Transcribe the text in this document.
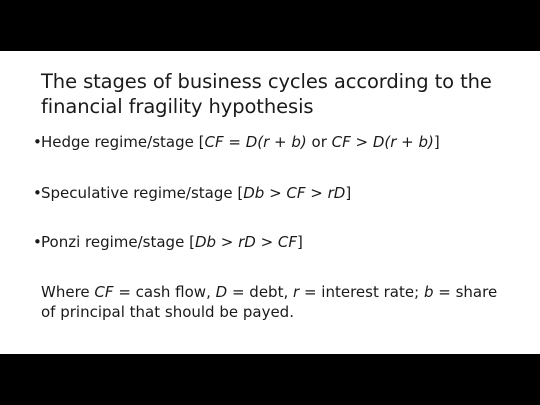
The stages of business cycles according to the financial fragility hypothesis
•Hedge regime/stage [CF = D(r + b) or CF > D(r + b)]
•Speculative regime/stage [Db > CF > rD]
•Ponzi regime/stage [Db > rD > CF]

Where CF = cash flow, D = debt, r = interest rate; b = share of principal that should be payed.
